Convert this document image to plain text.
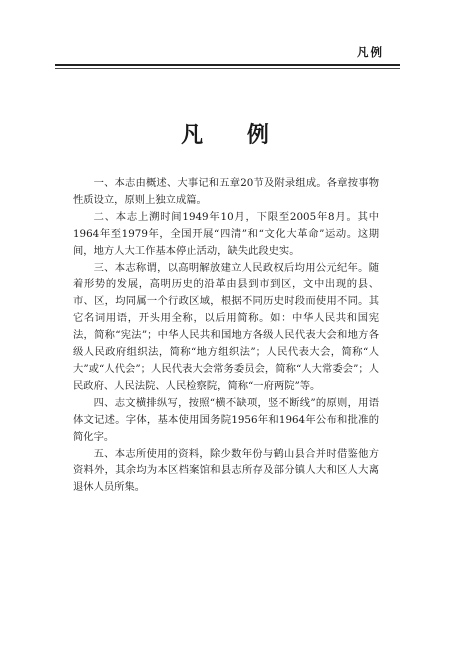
凡例
凡 例

一、本志由概述、大事记和五章20节及附录组成。各章按事物性质设立，原则上独立成篇。

二、本志上溯时间1949年10月，下限至2005年8月。其中1964年至1979年，全国开展“四清”和“文化大革命”运动。这期间，地方人大工作基本停止活动，缺失此段史实。

三、本志称谓，以高明解放建立人民政权后均用公元纪年。随着形势的发展，高明历史的沿革由县到市到区，文中出现的县、市、区，均同属一个行政区域，根据不同历史时段而使用不同。其它名词用语，开头用全称，以后用简称。如：中华人民共和国宪法，简称“宪法”；中华人民共和国地方各级人民代表大会和地方各级人民政府组织法，简称“地方组织法”；人民代表大会，简称“人大”或“人代会”；人民代表大会常务委员会，简称“人大常委会”；人民政府、人民法院、人民检察院，简称“一府两院”等。

四、志文横排纵写，按照“横不缺项，竖不断线”的原则，用语体文记述。字体，基本使用国务院1956年和1964年公布和批准的简化字。

五、本志所使用的资料，除少数年份与鹤山县合并时借鉴他方资料外，其余均为本区档案馆和县志所存及部分镇人大和区人大离退休人员所集。
